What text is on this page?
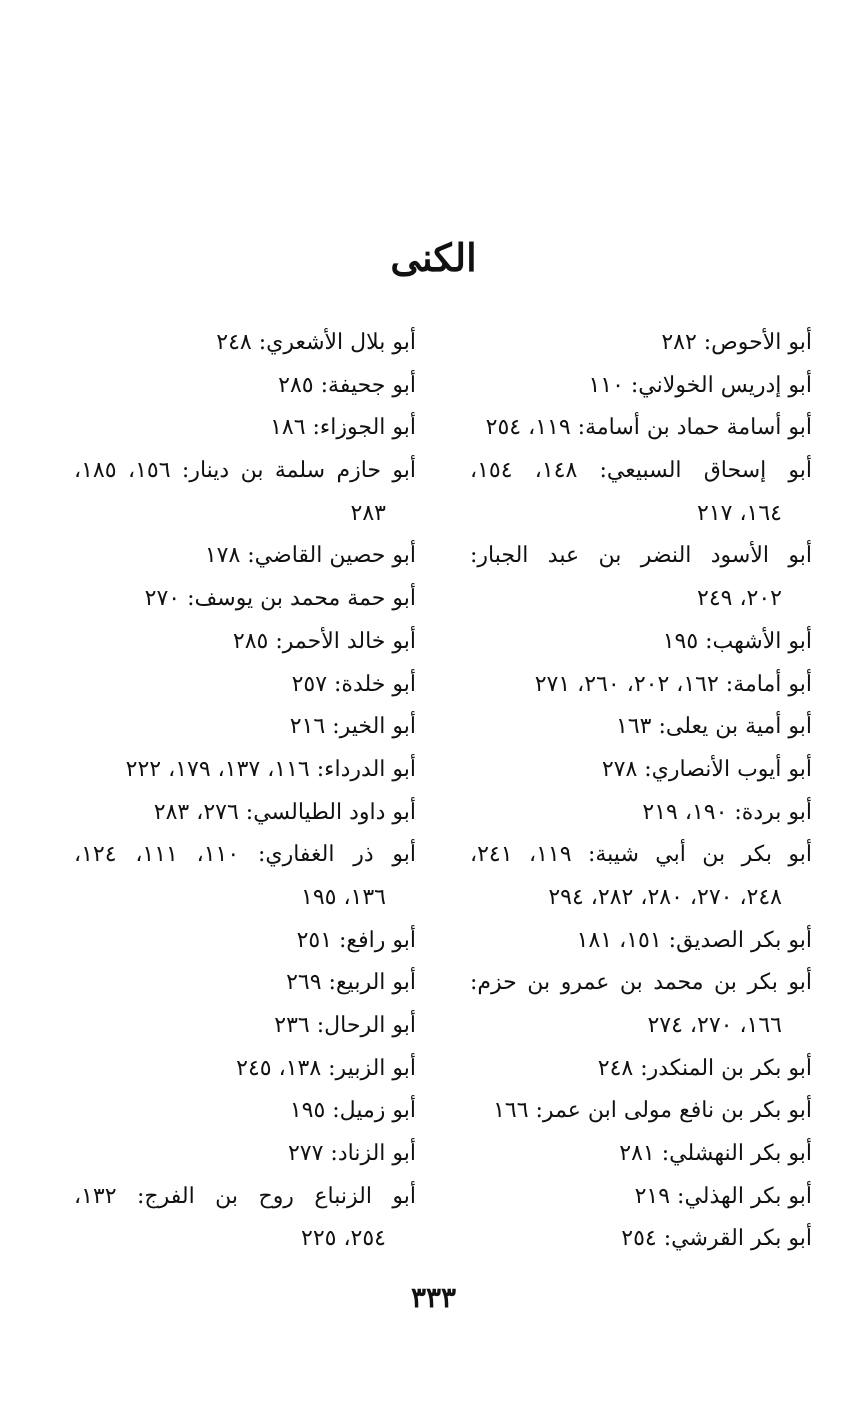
الكنى
أبو الأحوص: ٢٨٢
أبو إدريس الخولاني: ١١٠
أبو أسامة حماد بن أسامة: ١١٩، ٢٥٤
أبو إسحاق السبيعي: ١٤٨، ١٥٤،
١٦٤، ٢١٧
أبو الأسود النضر بن عبد الجبار:
٢٠٢، ٢٤٩
أبو الأشهب: ١٩٥
أبو أمامة: ١٦٢، ٢٠٢، ٢٦٠، ٢٧١
أبو أمية بن يعلى: ١٦٣
أبو أيوب الأنصاري: ٢٧٨
أبو بردة: ١٩٠، ٢١٩
أبو بكر بن أبي شيبة: ١١٩، ٢٤١،
٢٤٨، ٢٧٠، ٢٨٠، ٢٨٢، ٢٩٤
أبو بكر الصديق: ١٥١، ١٨١
أبو بكر بن محمد بن عمرو بن حزم:
١٦٦، ٢٧٠، ٢٧٤
أبو بكر بن المنكدر: ٢٤٨
أبو بكر بن نافع مولى ابن عمر: ١٦٦
أبو بكر النهشلي: ٢٨١
أبو بكر الهذلي: ٢١٩
أبو بكر القرشي: ٢٥٤
أبو بلال الأشعري: ٢٤٨
أبو جحيفة: ٢٨٥
أبو الجوزاء: ١٨٦
أبو حازم سلمة بن دينار: ١٥٦، ١٨٥،
٢٨٣
أبو حصين القاضي: ١٧٨
أبو حمة محمد بن يوسف: ٢٧٠
أبو خالد الأحمر: ٢٨٥
أبو خلدة: ٢٥٧
أبو الخير: ٢١٦
أبو الدرداء: ١١٦، ١٣٧، ١٧٩، ٢٢٢
أبو داود الطيالسي: ٢٧٦، ٢٨٣
أبو ذر الغفاري: ١١٠، ١١١، ١٢٤،
١٣٦، ١٩٥
أبو رافع: ٢٥١
أبو الربيع: ٢٦٩
أبو الرحال: ٢٣٦
أبو الزبير: ١٣٨، ٢٤٥
أبو زميل: ١٩٥
أبو الزناد: ٢٧٧
أبو الزنباع روح بن الفرج: ١٣٢،
٢٥٤، ٢٢٥
٣٣٣
